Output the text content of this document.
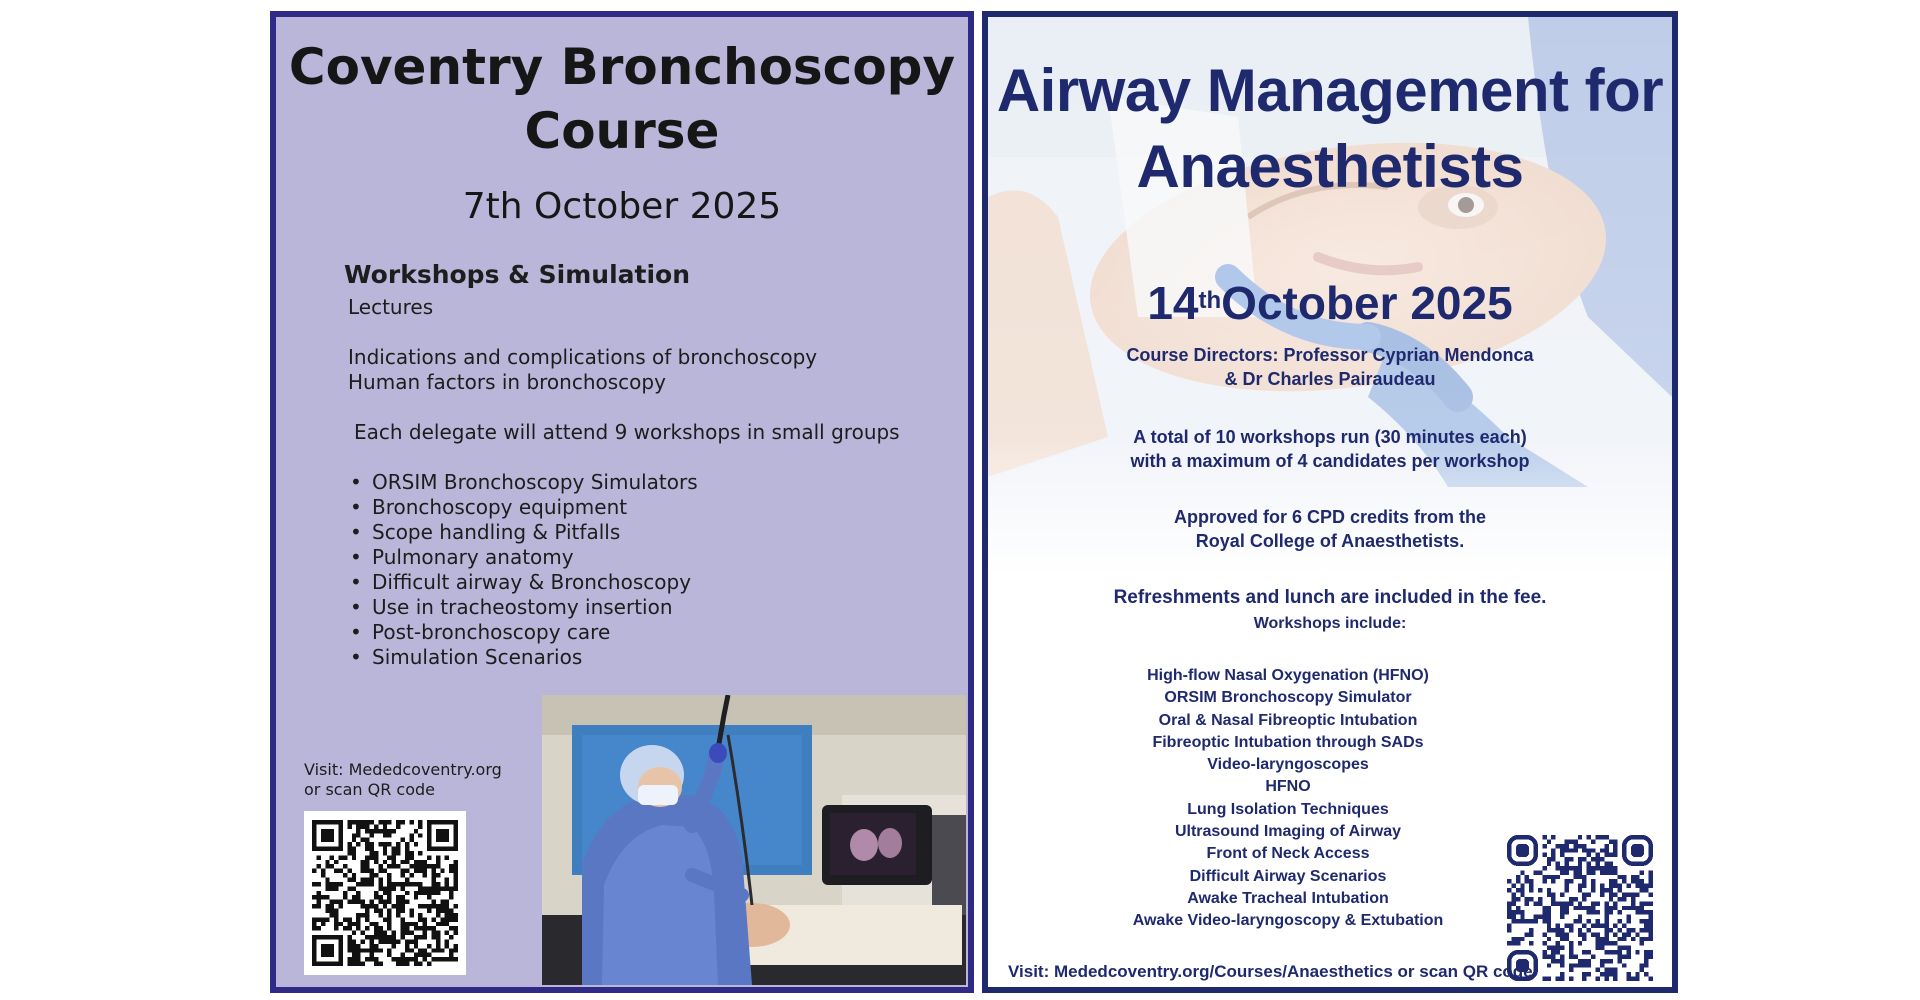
Coventry Bronchoscopy
Course
7th October 2025
Workshops & Simulation
Lectures
Indications and complications of bronchoscopy
Human factors in bronchoscopy
Each delegate will attend 9 workshops in small groups
• ORSIM Bronchoscopy Simulators
• Bronchoscopy equipment
• Scope handling & Pitfalls
• Pulmonary anatomy
• Difficult airway & Bronchoscopy
• Use in tracheostomy insertion
• Post-bronchoscopy care
• Simulation Scenarios
Visit: Mededcoventry.org
or scan QR code
Airway Management for
Anaesthetists
14thOctober 2025
Course Directors: Professor Cyprian Mendonca
& Dr Charles Pairaudeau
A total of 10 workshops run (30 minutes each)
with a maximum of 4 candidates per workshop
Approved for 6 CPD credits from the
Royal College of Anaesthetists.
Refreshments and lunch are included in the fee.
Workshops include:
High-flow Nasal Oxygenation (HFNO)
ORSIM Bronchoscopy Simulator
Oral & Nasal Fibreoptic Intubation
Fibreoptic Intubation through SADs
Video-laryngoscopes
HFNO
Lung Isolation Techniques
Ultrasound Imaging of Airway
Front of Neck Access
Difficult Airway Scenarios
Awake Tracheal Intubation
Awake Video-laryngoscopy & Extubation
Visit: Mededcoventry.org/Courses/Anaesthetics or scan QR code
